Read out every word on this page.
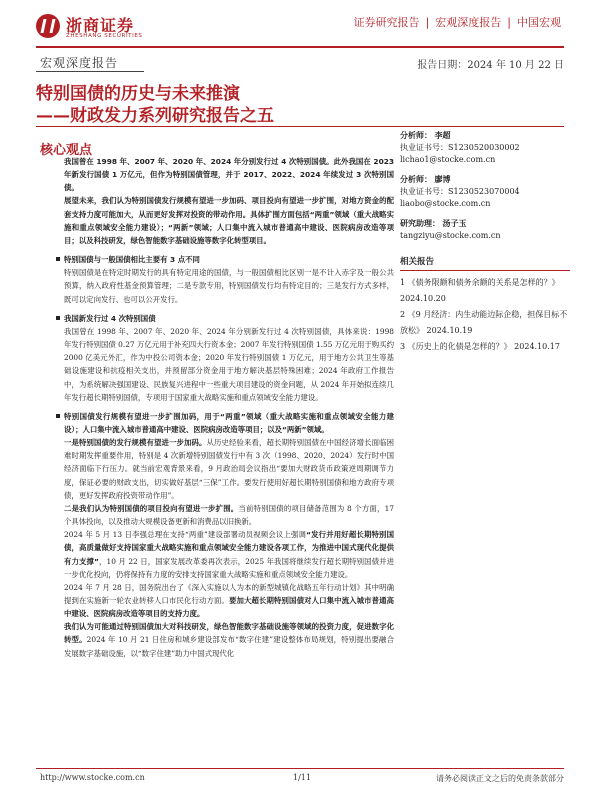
浙商证券
ZHESHANG SECURITIES
证券研究报告 | 宏观深度报告 | 中国宏观
宏观深度报告	报告日期：2024 年 10 月 22 日
特别国债的历史与未来推演
——财政发力系列研究报告之五
核心观点

我国曾在 1998 年、2007 年、2020 年、2024 年分别发行过 4 次特别国债。此外我国在 2023 年新发行国债 1 万亿元，但作为特别国债管理，并于 2017、2022、2024 年续发过 3 次特别国债。

展望未来，我们认为特别国债发行规模有望进一步加码、项目投向有望进一步扩围，对地方资金的配套支持力度可能加大，从而更好发挥对投资的带动作用。具体扩围方面包括“两重”领域（重大战略实施和重点领域安全能力建设）；“两新”领域；人口集中流入城市普通高中建设、医院病房改造等项目；以及科技研发，绿色智能数字基础设施等数字化转型项目。

特别国债与一般国债相比主要有 3 点不同

特别国债是在特定时期发行的具有特定用途的国债，与一般国债相比区别一是不计入赤字及一般公共预算，纳入政府性基金预算管理；二是专款专用，特别国债发行均有特定目的；三是发行方式多样，既可以定向发行、也可以公开发行。

我国新发行过 4 次特别国债

我国曾在 1998 年、2007 年、2020 年、2024 年分别新发行过 4 次特别国债，具体来说：1998 年发行特别国债 0.27 万亿元用于补充四大行资本金；2007 年发行特别国债 1.55 万亿元用于购买约 2000 亿美元外汇，作为中投公司资本金；2020 年发行特别国债 1 万亿元，用于地方公共卫生等基础设施建设和抗疫相关支出，并预留部分资金用于地方解决基层特殊困难；2024 年政府工作报告中，为系统解决强国建设、民族复兴进程中一些重大项目建设的资金问题，从 2024 年开始拟连续几年发行超长期特别国债，专项用于国家重大战略实施和重点领域安全能力建设。

特别国债发行规模有望进一步扩围加码，用于“两重”领域（重大战略实施和重点领域安全能力建设）；人口集中流入城市普通高中建设、医院病房改造等项目；以及“两新”领域。

一是特别国债的发行规模有望进一步加码。从历史经验来看，超长期特别国债在中国经济增长面临困难时期发挥重要作用，特别是 4 次新增特别国债发行中有 3 次（1998、2020、2024）发行时中国经济面临下行压力。就当前宏观背景来看，9 月政治局会议指出“要加大财政货币政策逆周期调节力度，保证必要的财政支出，切实做好基层“三保”工作。要发行使用好超长期特别国债和地方政府专项债，更好发挥政府投资带动作用”。

二是我们认为特别国债的项目投向有望进一步扩围。当前特别国债的项目储备范围为 8 个方面，17 个具体投向，以及推动大规模设备更新和消费品以旧换新。

2024 年 5 月 13 日李强总理在支持“两重”建设部署动员视频会议上强调“发行并用好超长期特别国债，高质量做好支持国家重大战略实施和重点领域安全能力建设各项工作，为推进中国式现代化提供有力支撑”，10 月 22 日，国家发展改革委再次表示，2025 年我国将继续发行超长期特别国债并进一步优化投向，仍将保持有力度的安排支持国家重大战略实施和重点领域安全能力建设。

2024 年 7 月 28 日，国务院出台了《深入实施以人为本的新型城镇化战略五年行动计划》其中明确提到在实施新一轮农业转移人口市民化行动方面。要加大超长期特别国债对人口集中流入城市普通高中建设、医院病房改造等项目的支持力度。

我们认为可能通过特别国债加大对科技研发，绿色智能数字基础设施等领域的投资力度，促进数字化转型。2024 年 10 月 21 日住房和城乡建设部发布“数字住建”建设整体布局规划，特别提出要融合发展数字基础设施，以“数字住建”助力中国式现代化

分析师： 李超
执业证书号：S1230520030002
lichao1@stocke.com.cn
分析师： 廖博
执业证书号：S1230523070004
liaobo@stocke.com.cn
研究助理： 汤子玉
tangziyu@stocke.com.cn
相关报告
1 《债务限额和债务余额的关系是怎样的？》 2024.10.20
2 《9 月经济：内生动能边际企稳，担保目标不放松》 2024.10.19
3 《历史上的化债是怎样的？》 2024.10.17
http://www.stocke.com.cn	1/11	请务必阅读正文之后的免责条款部分
